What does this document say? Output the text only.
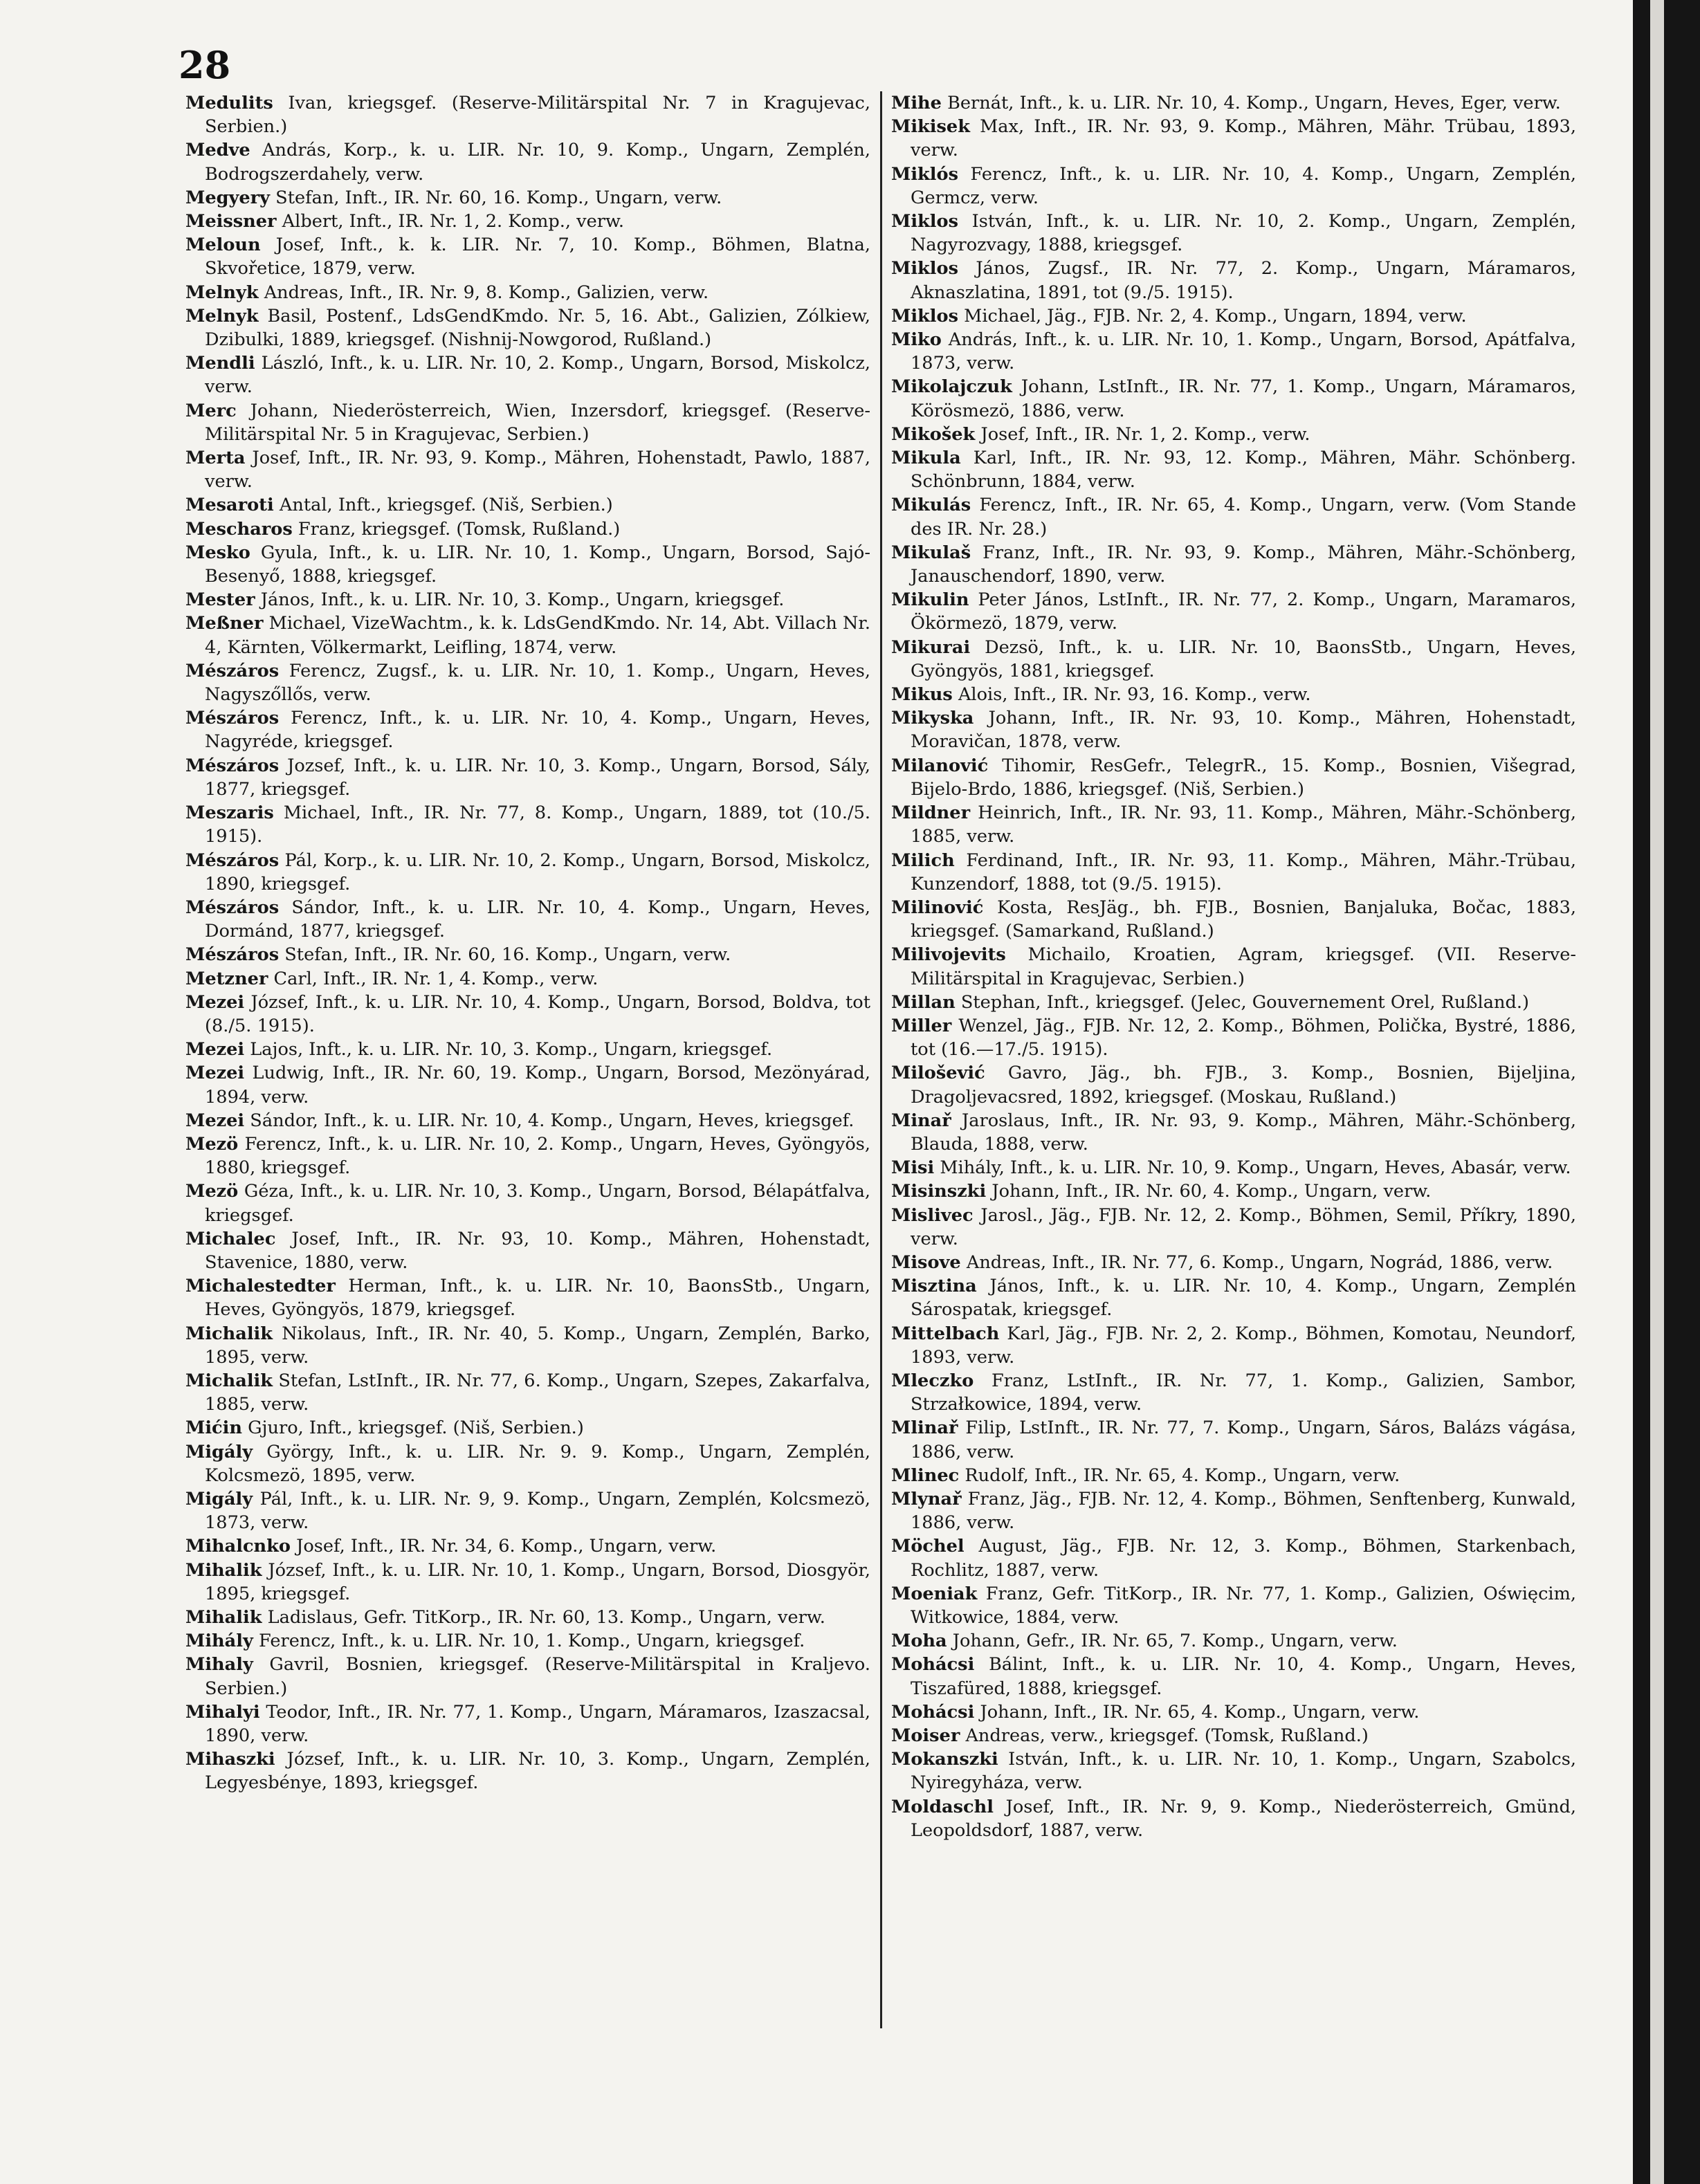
28
Medulits Ivan, kriegsgef. (Reserve-Militärspital Nr. 7 in Kragujevac, Serbien.)
Medve András, Korp., k. u. LIR. Nr. 10, 9. Komp., Ungarn, Zemplén, Bodrogszerdahely, verw.
Megyery Stefan, Inft., IR. Nr. 60, 16. Komp., Ungarn, verw.
Meissner Albert, Inft., IR. Nr. 1, 2. Komp., verw.
Meloun Josef, Inft., k. k. LIR. Nr. 7, 10. Komp., Böhmen, Blatna, Skvořetice, 1879, verw.
Melnyk Andreas, Inft., IR. Nr. 9, 8. Komp., Galizien, verw.
Melnyk Basil, Postenf., LdsGendKmdo. Nr. 5, 16. Abt., Galizien, Zólkiew, Dzibulki, 1889, kriegsgef. (Nishnij-Nowgorod, Rußland.)
Mendli László, Inft., k. u. LIR. Nr. 10, 2. Komp., Ungarn, Borsod, Miskolcz, verw.
Merc Johann, Niederösterreich, Wien, Inzersdorf, kriegsgef. (Reserve-Militärspital Nr. 5 in Kragujevac, Serbien.)
Merta Josef, Inft., IR. Nr. 93, 9. Komp., Mähren, Hohenstadt, Pawlo, 1887, verw.
Mesaroti Antal, Inft., kriegsgef. (Niš, Serbien.)
Mescharos Franz, kriegsgef. (Tomsk, Rußland.)
Mesko Gyula, Inft., k. u. LIR. Nr. 10, 1. Komp., Ungarn, Borsod, Sajó-Besenyő, 1888, kriegsgef.
Mester János, Inft., k. u. LIR. Nr. 10, 3. Komp., Ungarn, kriegsgef.
Meßner Michael, VizeWachtm., k. k. LdsGendKmdo. Nr. 14, Abt. Villach Nr. 4, Kärnten, Völkermarkt, Leifling, 1874, verw.
Mészáros Ferencz, Zugsf., k. u. LIR. Nr. 10, 1. Komp., Ungarn, Heves, Nagyszőllős, verw.
Mészáros Ferencz, Inft., k. u. LIR. Nr. 10, 4. Komp., Ungarn, Heves, Nagyréde, kriegsgef.
Mészáros Jozsef, Inft., k. u. LIR. Nr. 10, 3. Komp., Ungarn, Borsod, Sály, 1877, kriegsgef.
Meszaris Michael, Inft., IR. Nr. 77, 8. Komp., Ungarn, 1889, tot (10./5. 1915).
Mészáros Pál, Korp., k. u. LIR. Nr. 10, 2. Komp., Ungarn, Borsod, Miskolcz, 1890, kriegsgef.
Mészáros Sándor, Inft., k. u. LIR. Nr. 10, 4. Komp., Ungarn, Heves, Dormánd, 1877, kriegsgef.
Mészáros Stefan, Inft., IR. Nr. 60, 16. Komp., Ungarn, verw.
Metzner Carl, Inft., IR. Nr. 1, 4. Komp., verw.
Mezei József, Inft., k. u. LIR. Nr. 10, 4. Komp., Ungarn, Borsod, Boldva, tot (8./5. 1915).
Mezei Lajos, Inft., k. u. LIR. Nr. 10, 3. Komp., Ungarn, kriegsgef.
Mezei Ludwig, Inft., IR. Nr. 60, 19. Komp., Ungarn, Borsod, Mezönyárad, 1894, verw.
Mezei Sándor, Inft., k. u. LIR. Nr. 10, 4. Komp., Ungarn, Heves, kriegsgef.
Mezö Ferencz, Inft., k. u. LIR. Nr. 10, 2. Komp., Ungarn, Heves, Gyöngyös, 1880, kriegsgef.
Mezö Géza, Inft., k. u. LIR. Nr. 10, 3. Komp., Ungarn, Borsod, Bélapátfalva, kriegsgef.
Michalec Josef, Inft., IR. Nr. 93, 10. Komp., Mähren, Hohenstadt, Stavenice, 1880, verw.
Michalestedter Herman, Inft., k. u. LIR. Nr. 10, BaonsStb., Ungarn, Heves, Gyöngyös, 1879, kriegsgef.
Michalik Nikolaus, Inft., IR. Nr. 40, 5. Komp., Ungarn, Zemplén, Barko, 1895, verw.
Michalik Stefan, LstInft., IR. Nr. 77, 6. Komp., Ungarn, Szepes, Zakarfalva, 1885, verw.
Mićin Gjuro, Inft., kriegsgef. (Niš, Serbien.)
Migály György, Inft., k. u. LIR. Nr. 9. 9. Komp., Ungarn, Zemplén, Kolcsmezö, 1895, verw.
Migály Pál, Inft., k. u. LIR. Nr. 9, 9. Komp., Ungarn, Zemplén, Kolcsmezö, 1873, verw.
Mihalcnko Josef, Inft., IR. Nr. 34, 6. Komp., Ungarn, verw.
Mihalik József, Inft., k. u. LIR. Nr. 10, 1. Komp., Ungarn, Borsod, Diosgyör, 1895, kriegsgef.
Mihalik Ladislaus, Gefr. TitKorp., IR. Nr. 60, 13. Komp., Ungarn, verw.
Mihály Ferencz, Inft., k. u. LIR. Nr. 10, 1. Komp., Ungarn, kriegsgef.
Mihaly Gavril, Bosnien, kriegsgef. (Reserve-Militärspital in Kraljevo. Serbien.)
Mihalyi Teodor, Inft., IR. Nr. 77, 1. Komp., Ungarn, Máramaros, Izaszacsal, 1890, verw.
Mihaszki József, Inft., k. u. LIR. Nr. 10, 3. Komp., Ungarn, Zemplén, Legyesbénye, 1893, kriegsgef.
Mihe Bernát, Inft., k. u. LIR. Nr. 10, 4. Komp., Ungarn, Heves, Eger, verw.
Mikisek Max, Inft., IR. Nr. 93, 9. Komp., Mähren, Mähr. Trübau, 1893, verw.
Miklós Ferencz, Inft., k. u. LIR. Nr. 10, 4. Komp., Ungarn, Zemplén, Germcz, verw.
Miklos István, Inft., k. u. LIR. Nr. 10, 2. Komp., Ungarn, Zemplén, Nagyrozvagy, 1888, kriegsgef.
Miklos János, Zugsf., IR. Nr. 77, 2. Komp., Ungarn, Máramaros, Aknaszlatina, 1891, tot (9./5. 1915).
Miklos Michael, Jäg., FJB. Nr. 2, 4. Komp., Ungarn, 1894, verw.
Miko András, Inft., k. u. LIR. Nr. 10, 1. Komp., Ungarn, Borsod, Apátfalva, 1873, verw.
Mikolajczuk Johann, LstInft., IR. Nr. 77, 1. Komp., Ungarn, Máramaros, Körösmezö, 1886, verw.
Mikošek Josef, Inft., IR. Nr. 1, 2. Komp., verw.
Mikula Karl, Inft., IR. Nr. 93, 12. Komp., Mähren, Mähr. Schönberg. Schönbrunn, 1884, verw.
Mikulás Ferencz, Inft., IR. Nr. 65, 4. Komp., Ungarn, verw. (Vom Stande des IR. Nr. 28.)
Mikulaš Franz, Inft., IR. Nr. 93, 9. Komp., Mähren, Mähr.-Schönberg, Janauschendorf, 1890, verw.
Mikulin Peter János, LstInft., IR. Nr. 77, 2. Komp., Ungarn, Maramaros, Ökörmezö, 1879, verw.
Mikurai Dezsö, Inft., k. u. LIR. Nr. 10, BaonsStb., Ungarn, Heves, Gyöngyös, 1881, kriegsgef.
Mikus Alois, Inft., IR. Nr. 93, 16. Komp., verw.
Mikyska Johann, Inft., IR. Nr. 93, 10. Komp., Mähren, Hohenstadt, Moravičan, 1878, verw.
Milanović Tihomir, ResGefr., TelegrR., 15. Komp., Bosnien, Višegrad, Bijelo-Brdo, 1886, kriegsgef. (Niš, Serbien.)
Mildner Heinrich, Inft., IR. Nr. 93, 11. Komp., Mähren, Mähr.-Schönberg, 1885, verw.
Milich Ferdinand, Inft., IR. Nr. 93, 11. Komp., Mähren, Mähr.-Trübau, Kunzendorf, 1888, tot (9./5. 1915).
Milinović Kosta, ResJäg., bh. FJB., Bosnien, Banjaluka, Bočac, 1883, kriegsgef. (Samarkand, Rußland.)
Milivojevits Michailo, Kroatien, Agram, kriegsgef. (VII. Reserve-Militärspital in Kragujevac, Serbien.)
Millan Stephan, Inft., kriegsgef. (Jelec, Gouvernement Orel, Rußland.)
Miller Wenzel, Jäg., FJB. Nr. 12, 2. Komp., Böhmen, Polička, Bystré, 1886, tot (16.—17./5. 1915).
Milošević Gavro, Jäg., bh. FJB., 3. Komp., Bosnien, Bijeljina, Dragoljevacsred, 1892, kriegsgef. (Moskau, Rußland.)
Minař Jaroslaus, Inft., IR. Nr. 93, 9. Komp., Mähren, Mähr.-Schönberg, Blauda, 1888, verw.
Misi Mihály, Inft., k. u. LIR. Nr. 10, 9. Komp., Ungarn, Heves, Abasár, verw.
Misinszki Johann, Inft., IR. Nr. 60, 4. Komp., Ungarn, verw.
Mislivec Jarosl., Jäg., FJB. Nr. 12, 2. Komp., Böhmen, Semil, Příkry, 1890, verw.
Misove Andreas, Inft., IR. Nr. 77, 6. Komp., Ungarn, Nográd, 1886, verw.
Misztina János, Inft., k. u. LIR. Nr. 10, 4. Komp., Ungarn, Zemplén Sárospatak, kriegsgef.
Mittelbach Karl, Jäg., FJB. Nr. 2, 2. Komp., Böhmen, Komotau, Neundorf, 1893, verw.
Mleczko Franz, LstInft., IR. Nr. 77, 1. Komp., Galizien, Sambor, Strzałkowice, 1894, verw.
Mlinař Filip, LstInft., IR. Nr. 77, 7. Komp., Ungarn, Sáros, Balázs vágása, 1886, verw.
Mlinec Rudolf, Inft., IR. Nr. 65, 4. Komp., Ungarn, verw.
Mlynař Franz, Jäg., FJB. Nr. 12, 4. Komp., Böhmen, Senftenberg, Kunwald, 1886, verw.
Möchel August, Jäg., FJB. Nr. 12, 3. Komp., Böhmen, Starkenbach, Rochlitz, 1887, verw.
Moeniak Franz, Gefr. TitKorp., IR. Nr. 77, 1. Komp., Galizien, Oświęcim, Witkowice, 1884, verw.
Moha Johann, Gefr., IR. Nr. 65, 7. Komp., Ungarn, verw.
Mohácsi Bálint, Inft., k. u. LIR. Nr. 10, 4. Komp., Ungarn, Heves, Tiszafüred, 1888, kriegsgef.
Mohácsi Johann, Inft., IR. Nr. 65, 4. Komp., Ungarn, verw.
Moiser Andreas, verw., kriegsgef. (Tomsk, Rußland.)
Mokanszki István, Inft., k. u. LIR. Nr. 10, 1. Komp., Ungarn, Szabolcs, Nyiregyháza, verw.
Moldaschl Josef, Inft., IR. Nr. 9, 9. Komp., Niederösterreich, Gmünd, Leopoldsdorf, 1887, verw.
